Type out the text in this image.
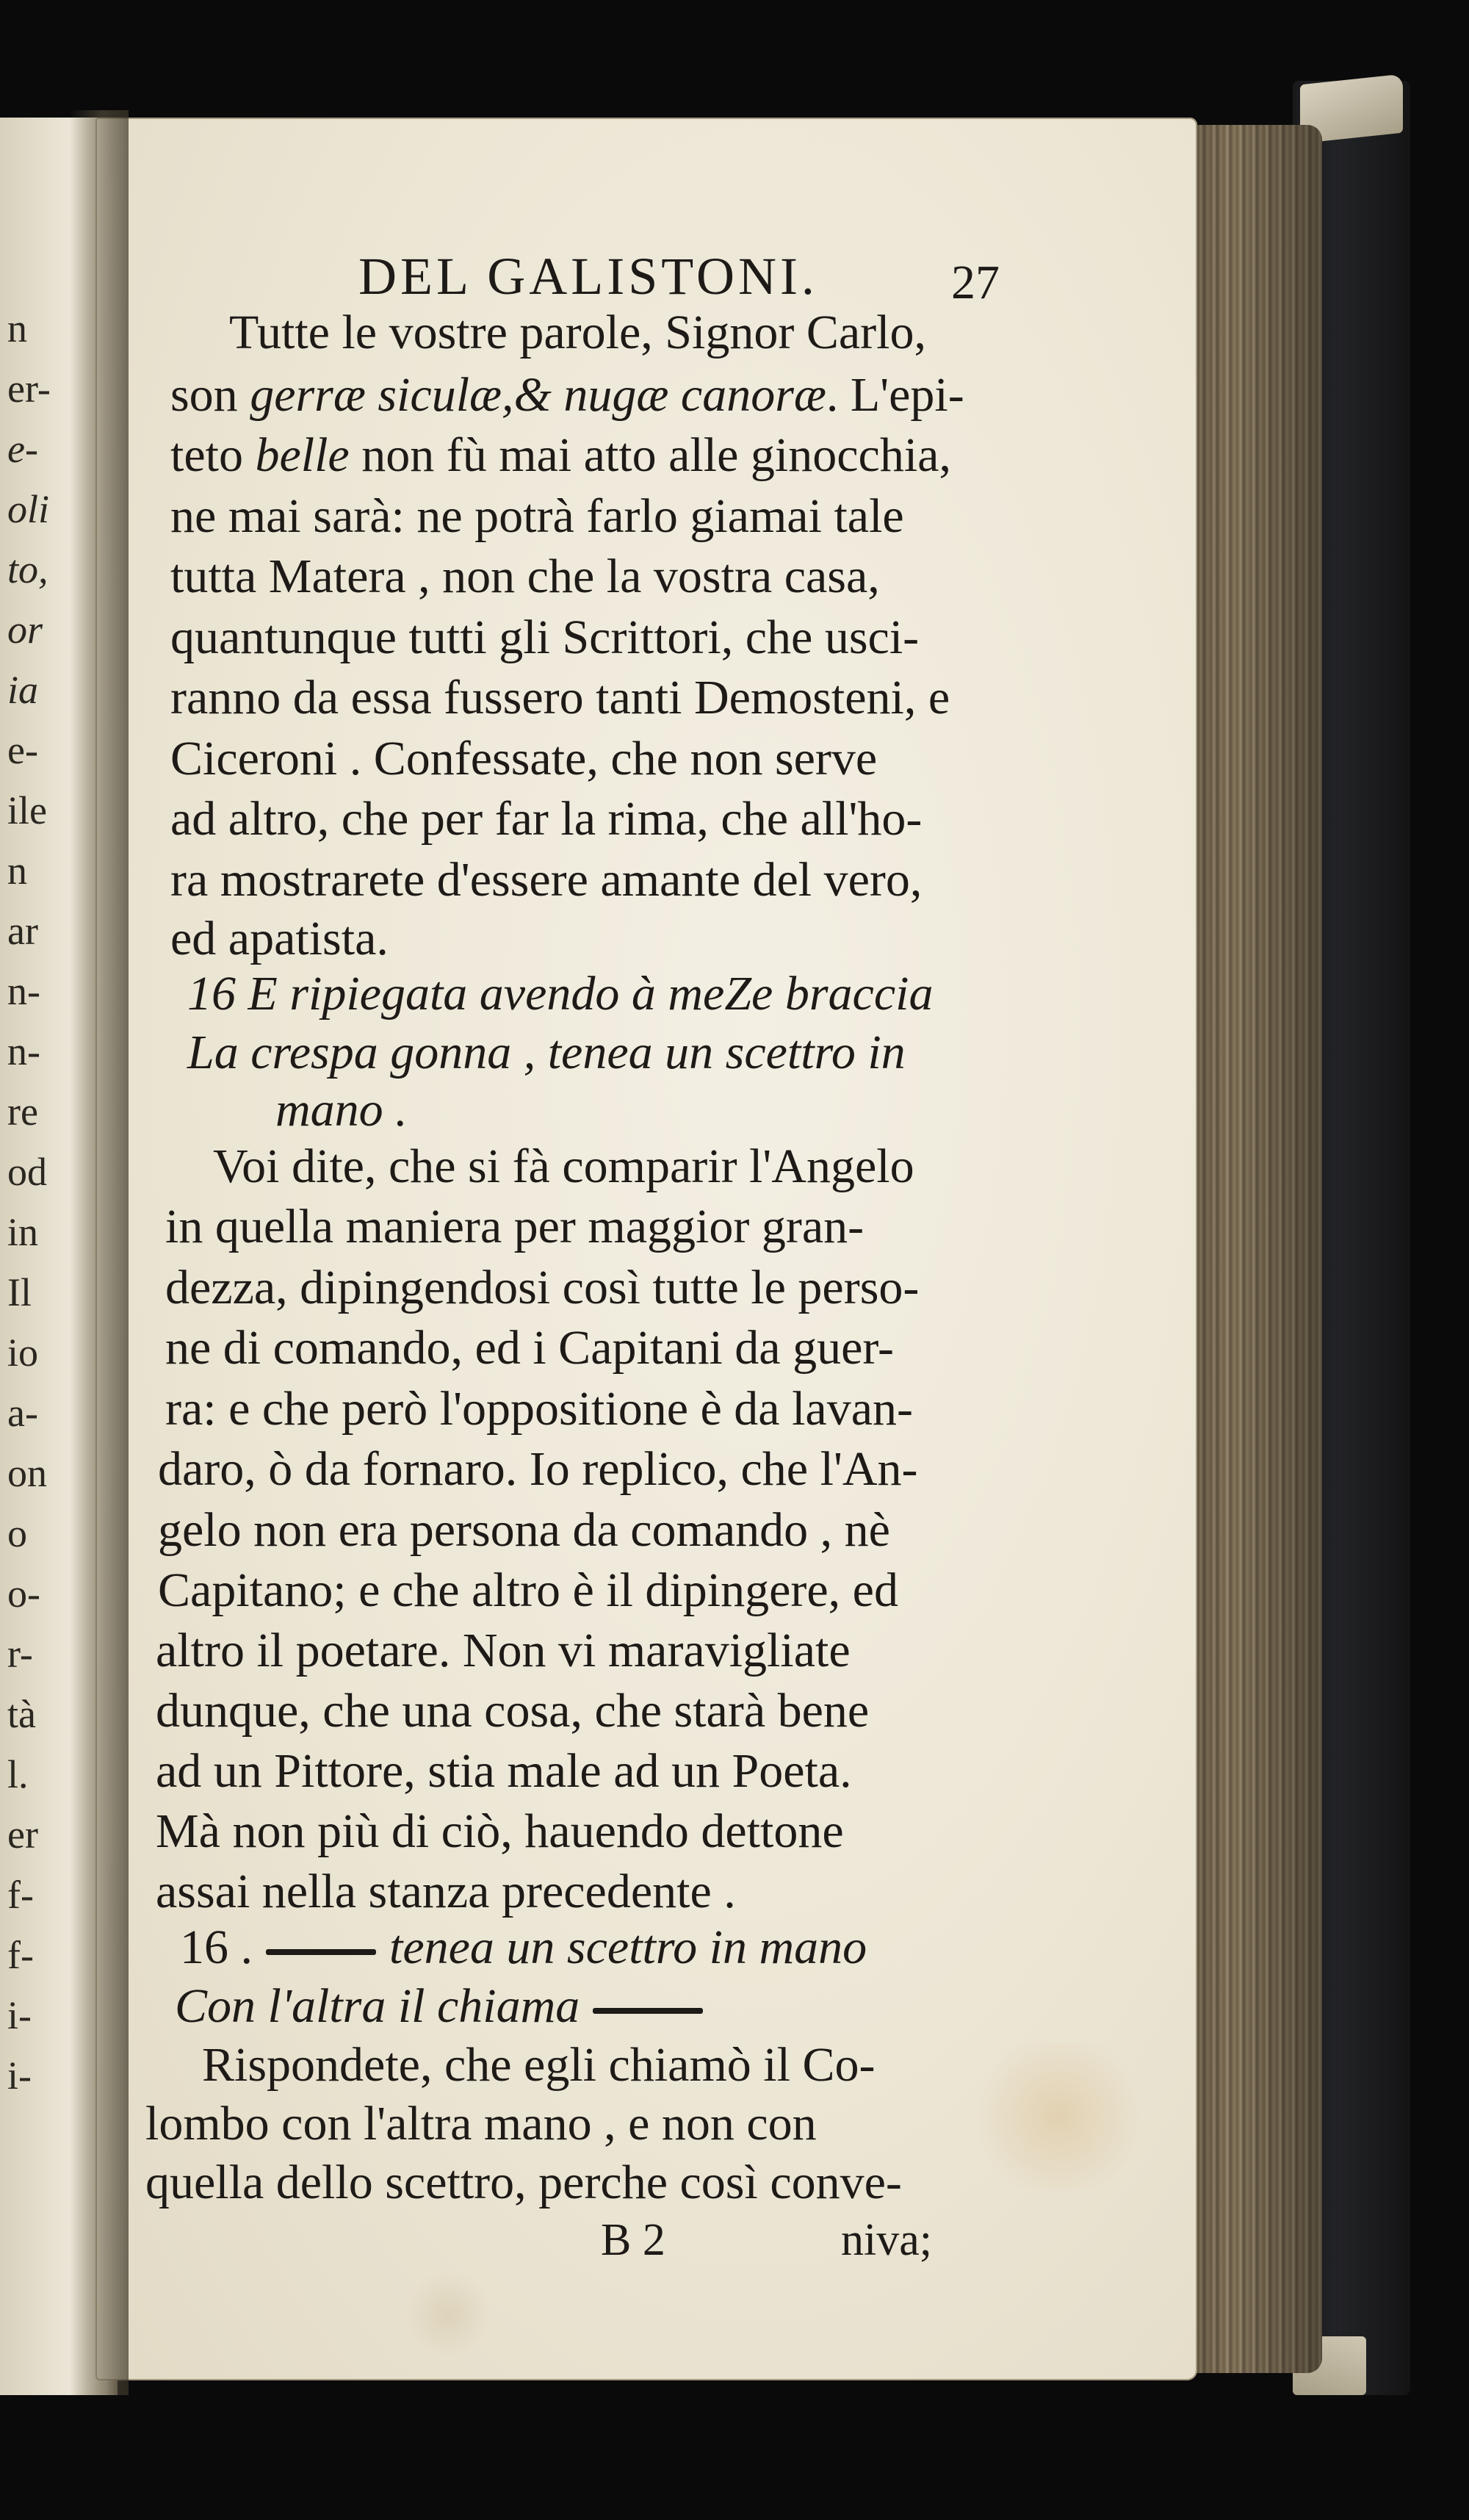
n
er-
e-
oli
to,
or
ia
e-
ile
n
ar
n-
n-
re
od
in
Il
io
a-
on
o
o-
r-
tà
l.
er
f-
f-
i-
i-
DEL GALISTONI.	27
Tutte le vostre parole, Signor Carlo,
son gerræ siculæ,& nugæ canoræ. L'epi-
teto belle non fù mai atto alle ginocchia,
ne mai sarà: ne potrà farlo giamai tale
tutta Matera , non che la vostra casa,
quantunque tutti gli Scrittori, che usci-
ranno da essa fussero tanti Demosteni, e
Ciceroni . Confessate, che non serve
ad altro, che per far la rima, che all'ho-
ra mostrarete d'essere amante del vero,
ed apatista.
16 E ripiegata avendo à meZe braccia
La crespa gonna , tenea un scettro in
mano .
Voi dite, che si fà comparir l'Angelo
in quella maniera per maggior gran-
dezza, dipingendosi così tutte le perso-
ne di comando, ed i Capitani da guer-
ra: e che però l'oppositione è da lavan-
daro, ò da fornaro. Io replico, che l'An-
gelo non era persona da comando , nè
Capitano; e che altro è il dipingere, ed
altro il poetare. Non vi maravigliate
dunque, che una cosa, che starà bene
ad un Pittore, stia male ad un Poeta.
Mà non più di ciò, hauendo dettone
assai nella stanza precedente .
16 .	tenea un scettro in mano
Con l'altra il chiama
Rispondete, che egli chiamò il Co-
lombo con l'altra mano , e non con
quella dello scettro, perche così conve-
B 2	niva;
